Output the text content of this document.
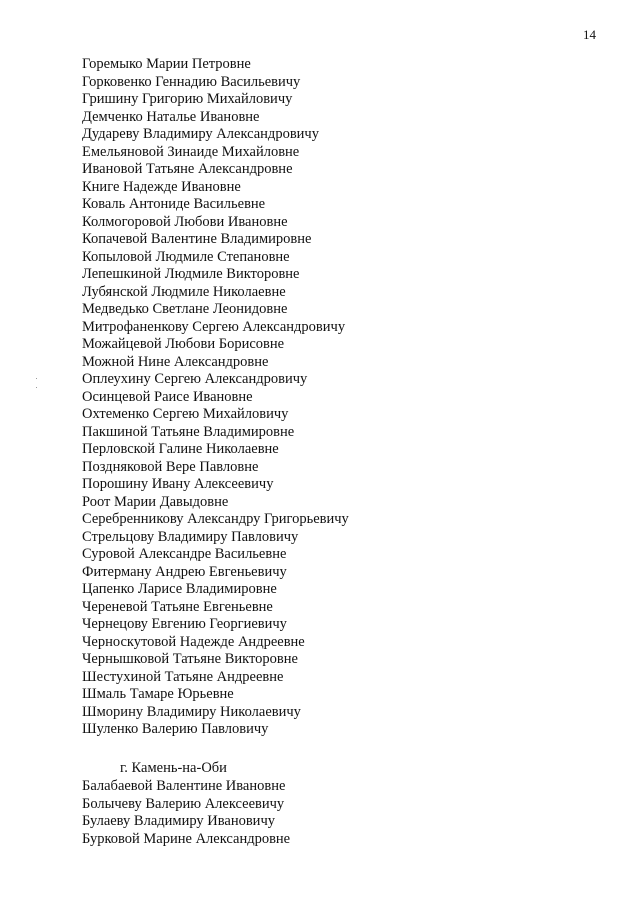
14
Горемыко Марии Петровне
Горковенко Геннадию Васильевичу
Гришину Григорию Михайловичу
Демченко Наталье Ивановне
Дудареву Владимиру Александровичу
Емельяновой Зинаиде Михайловне
Ивановой Татьяне Александровне
Книге Надежде Ивановне
Коваль Антониде Васильевне
Колмогоровой Любови Ивановне
Копачевой Валентине Владимировне
Копыловой Людмиле Степановне
Лепешкиной Людмиле Викторовне
Лубянской Людмиле Николаевне
Медведько Светлане Леонидовне
Митрофаненкову Сергею Александровичу
Можайцевой Любови Борисовне
Можной Нине Александровне
Оплеухину Сергею Александровичу
Осинцевой Раисе Ивановне
Охтеменко Сергею Михайловичу
Пакшиной Татьяне Владимировне
Перловской Галине Николаевне
Поздняковой Вере Павловне
Порошину Ивану Алексеевичу
Роот Марии Давыдовне
Серебренникову Александру Григорьевичу
Стрельцову Владимиру Павловичу
Суровой Александре Васильевне
Фитерману Андрею Евгеньевичу
Цапенко Ларисе Владимировне
Череневой Татьяне Евгеньевне
Чернецову Евгению Георгиевичу
Черноскутовой Надежде Андреевне
Чернышковой Татьяне Викторовне
Шестухиной Татьяне Андреевне
Шмаль Тамаре Юрьевне
Шморину Владимиру Николаевичу
Шуленко Валерию Павловичу
г. Камень-на-Оби
Балабаевой Валентине Ивановне
Болычеву Валерию Алексеевичу
Булаеву Владимиру Ивановичу
Бурковой Марине Александровне
